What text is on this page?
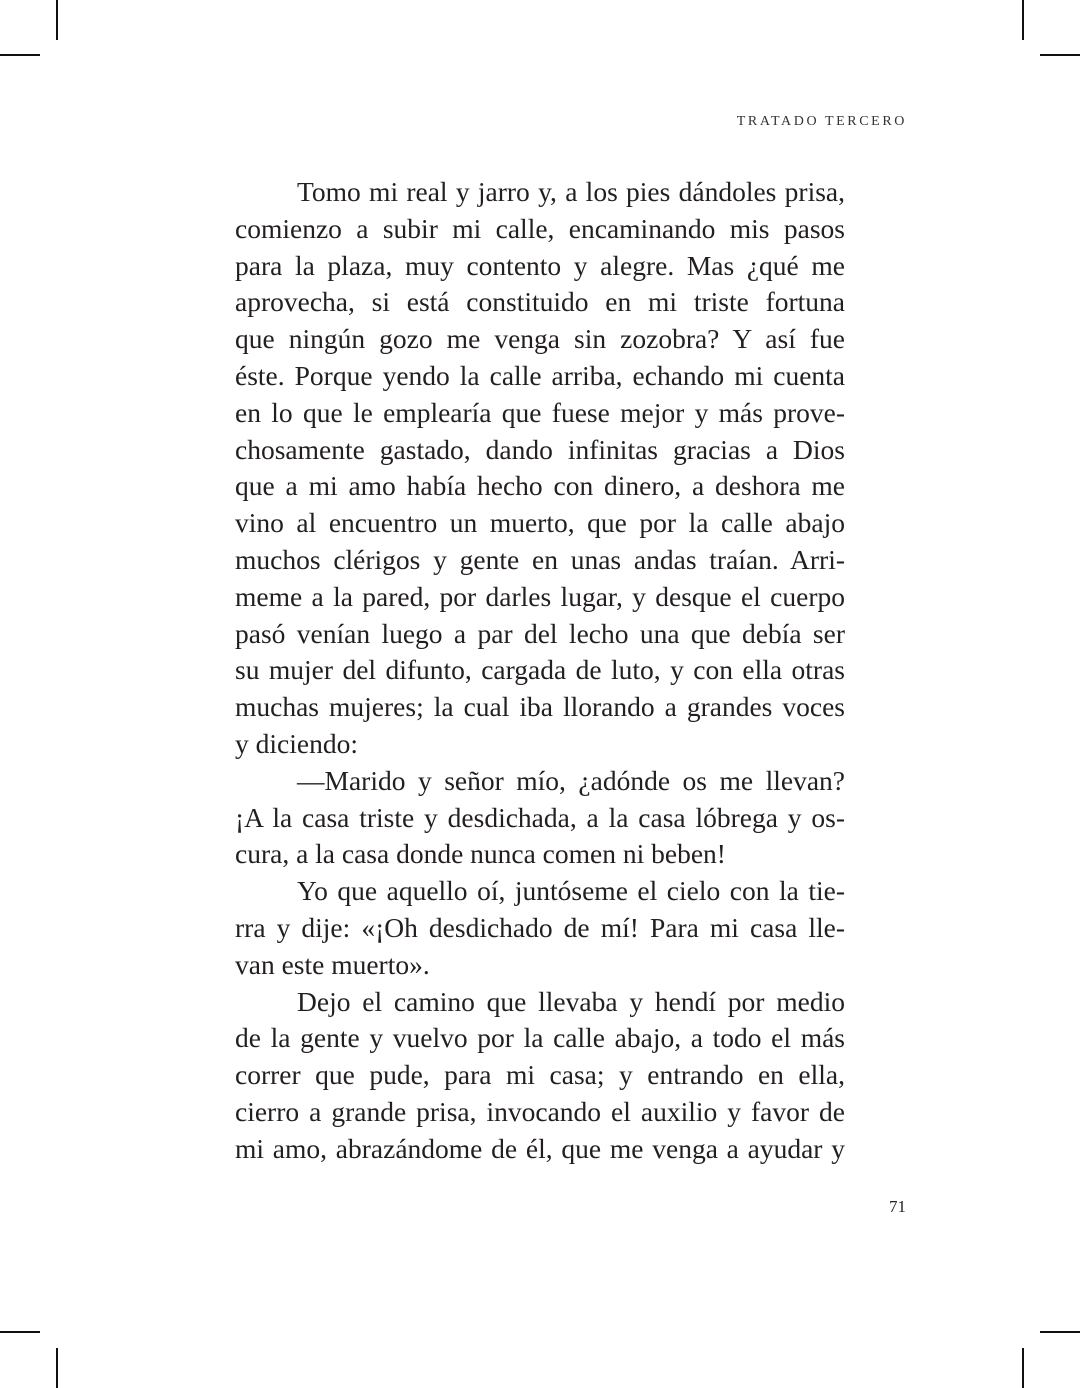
TRATADO TERCERO
Tomo mi real y jarro y, a los pies dándoles prisa,
comienzo a subir mi calle, encaminando mis pasos
para la plaza, muy contento y alegre. Mas ¿qué me
aprovecha, si está constituido en mi triste fortuna
que ningún gozo me venga sin zozobra? Y así fue
éste. Porque yendo la calle arriba, echando mi cuenta
en lo que le emplearía que fuese mejor y más prove-
chosamente gastado, dando infinitas gracias a Dios
que a mi amo había hecho con dinero, a deshora me
vino al encuentro un muerto, que por la calle abajo
muchos clérigos y gente en unas andas traían. Arri-
meme a la pared, por darles lugar, y desque el cuerpo
pasó venían luego a par del lecho una que debía ser
su mujer del difunto, cargada de luto, y con ella otras
muchas mujeres; la cual iba llorando a grandes voces
y diciendo:
—Marido y señor mío, ¿adónde os me llevan?
¡A la casa triste y desdichada, a la casa lóbrega y os-
cura, a la casa donde nunca comen ni beben!
Yo que aquello oí, juntóseme el cielo con la tie-
rra y dije: «¡Oh desdichado de mí! Para mi casa lle-
van este muerto».
Dejo el camino que llevaba y hendí por medio
de la gente y vuelvo por la calle abajo, a todo el más
correr que pude, para mi casa; y entrando en ella,
cierro a grande prisa, invocando el auxilio y favor de
mi amo, abrazándome de él, que me venga a ayudar y
71
